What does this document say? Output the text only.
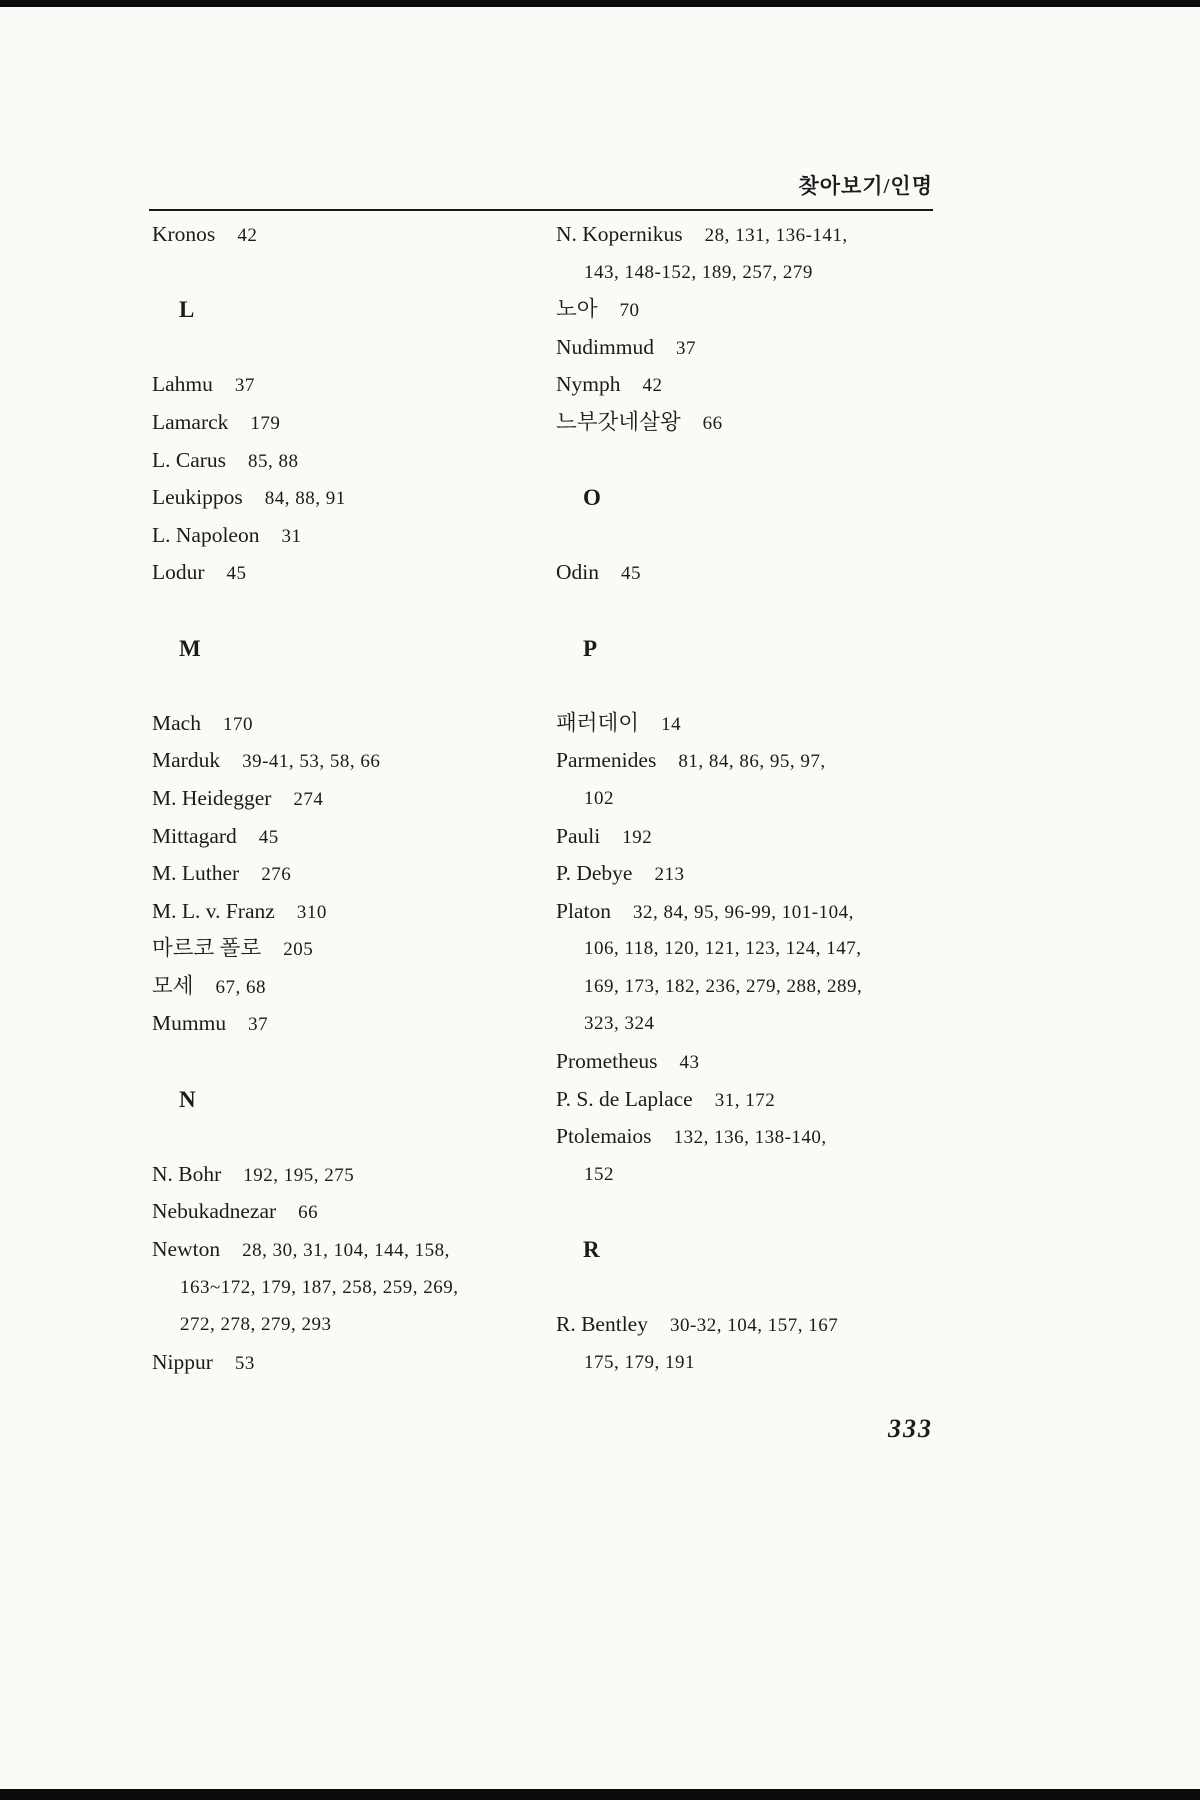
찾아보기/인명
Kronos 42
L
Lahmu 37
Lamarck 179
L. Carus 85, 88
Leukippos 84, 88, 91
L. Napoleon 31
Lodur 45
M
Mach 170
Marduk 39-41, 53, 58, 66
M. Heidegger 274
Mittagard 45
M. Luther 276
M. L. v. Franz 310
마르코 폴로 205
모세 67, 68
Mummu 37
N
N. Bohr 192, 195, 275
Nebukadnezar 66
Newton 28, 30, 31, 104, 144, 158,
163~172, 179, 187, 258, 259, 269,
272, 278, 279, 293
Nippur 53
N. Kopernikus 28, 131, 136-141,
143, 148-152, 189, 257, 279
노아 70
Nudimmud 37
Nymph 42
느부갓네살왕 66
O
Odin 45
P
패러데이 14
Parmenides 81, 84, 86, 95, 97,
102
Pauli 192
P. Debye 213
Platon 32, 84, 95, 96-99, 101-104,
106, 118, 120, 121, 123, 124, 147,
169, 173, 182, 236, 279, 288, 289,
323, 324
Prometheus 43
P. S. de Laplace 31, 172
Ptolemaios 132, 136, 138-140,
152
R
R. Bentley 30-32, 104, 157, 167
175, 179, 191
333
